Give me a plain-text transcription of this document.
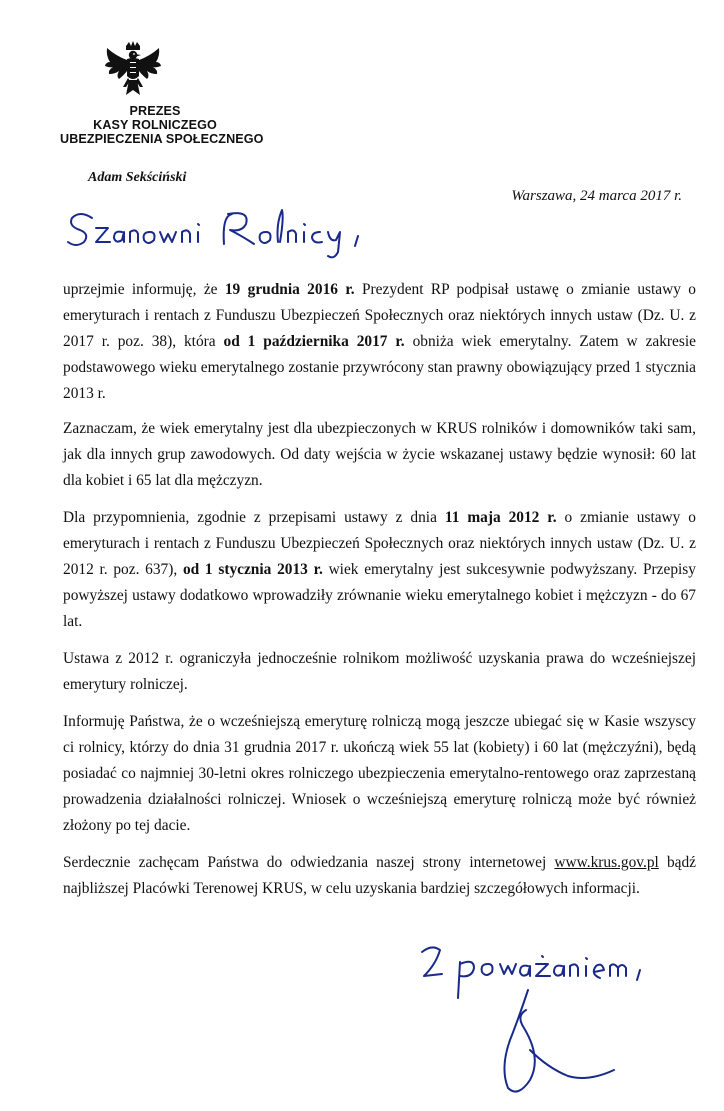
PREZES
KASY ROLNICZEGO
UBEZPIECZENIA SPOŁECZNEGO
Adam Sekściński
Warszawa, 24 marca 2017 r.

uprzejmie informuję, że 19 grudnia 2016 r. Prezydent RP podpisał ustawę o zmianie ustawy o emeryturach i rentach z Funduszu Ubezpieczeń Społecznych oraz niektórych innych ustaw (Dz. U. z 2017 r. poz. 38), która od 1 października 2017 r. obniża wiek emerytalny. Zatem w zakresie podstawowego wieku emerytalnego zostanie przywrócony stan prawny obowiązujący przed 1 stycznia 2013 r.

Zaznaczam, że wiek emerytalny jest dla ubezpieczonych w KRUS rolników i domowników taki sam, jak dla innych grup zawodowych. Od daty wejścia w życie wskazanej ustawy będzie wynosił: 60 lat dla kobiet i 65 lat dla mężczyzn.

Dla przypomnienia, zgodnie z przepisami ustawy z dnia 11 maja 2012 r. o zmianie ustawy o emeryturach i rentach z Funduszu Ubezpieczeń Społecznych oraz niektórych innych ustaw (Dz. U. z 2012 r. poz. 637), od 1 stycznia 2013 r. wiek emerytalny jest sukcesywnie podwyższany. Przepisy powyższej ustawy dodatkowo wprowadziły zrównanie wieku emerytalnego kobiet i mężczyzn - do 67 lat.

Ustawa z 2012 r. ograniczyła jednocześnie rolnikom możliwość uzyskania prawa do wcześniejszej emerytury rolniczej.

Informuję Państwa, że o wcześniejszą emeryturę rolniczą mogą jeszcze ubiegać się w Kasie wszyscy ci rolnicy, którzy do dnia 31 grudnia 2017 r. ukończą wiek 55 lat (kobiety) i 60 lat (mężczyźni), będą posiadać co najmniej 30-letni okres rolniczego ubezpieczenia emerytalno-rentowego oraz zaprzestaną prowadzenia działalności rolniczej. Wniosek o wcześniejszą emeryturę rolniczą może być również złożony po tej dacie.

Serdecznie zachęcam Państwa do odwiedzania naszej strony internetowej www.krus.gov.pl bądź najbliższej Placówki Terenowej KRUS, w celu uzyskania bardziej szczegółowych informacji.
